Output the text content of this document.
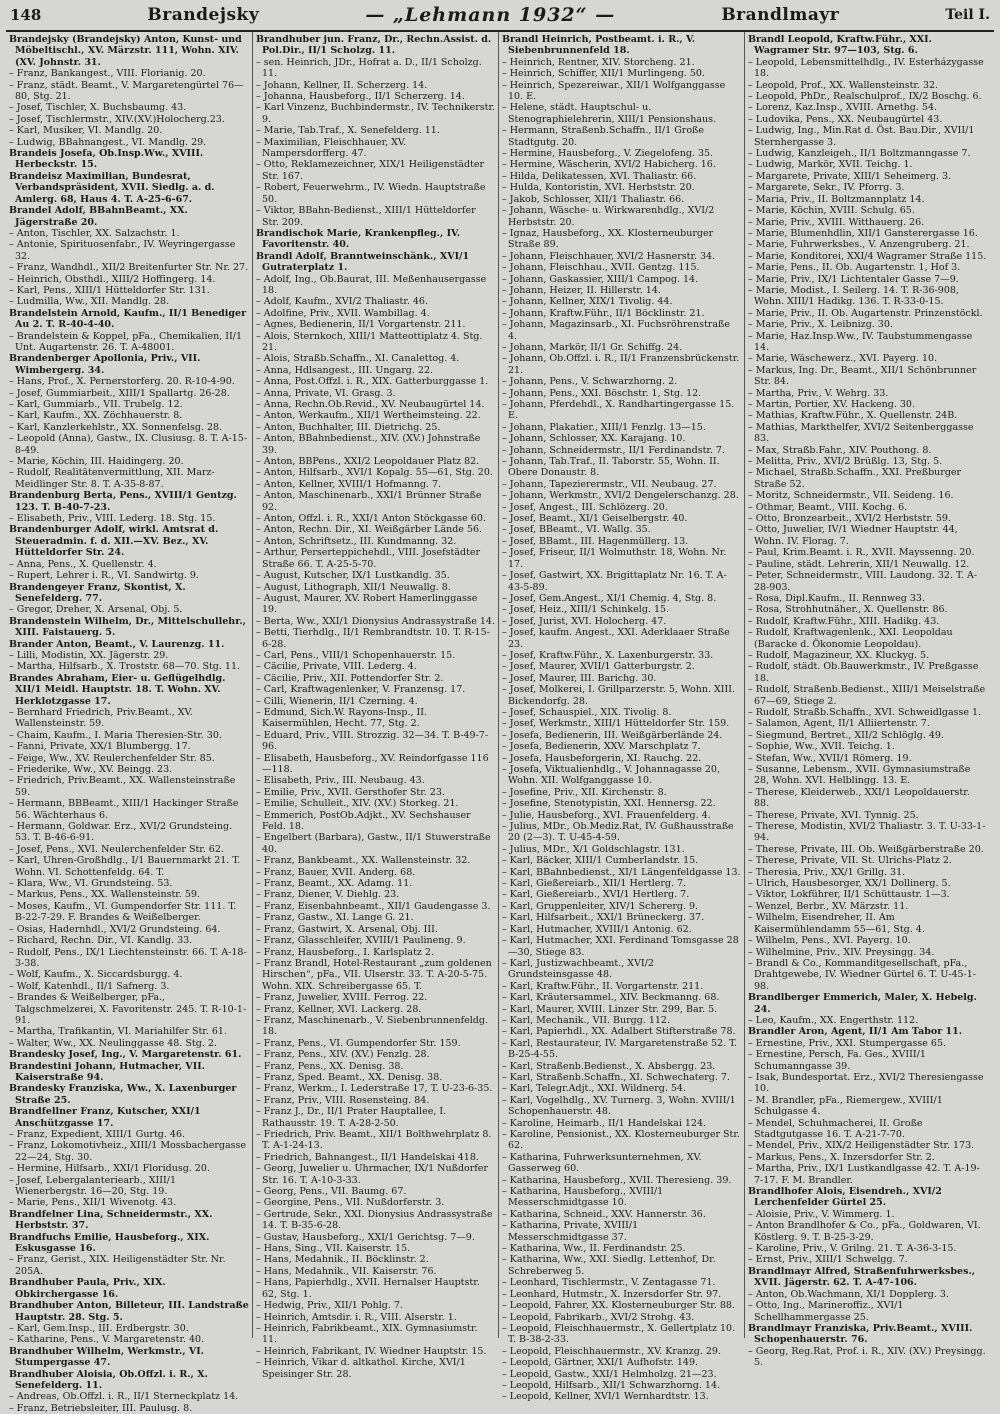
148	Brandejsky	— „Lehmann 1932“ —	Brandlmayr	Teil I.

Brandejsky (Brandejsky) Anton, Kunst- und Möbeltischl., XV. Märzstr. 111, Wohn. XIV. (XV. Johnstr. 31.

– Franz, Bankangest., VIII. Florianig. 20.

– Franz, städt. Beamt., V. Margaretengürtel 76—80, Stg. 21.

– Josef, Tischler, X. Buchsbaumg. 43.

– Josef, Tischlermstr., XIV.(XV.)Holocherg.23.

– Karl, Musiker, VI. Mandlg. 20.

– Ludwig, BBahnangest., VI. Mandlg. 29.

Brandeis Josefa, Ob.Insp.Ww., XVIII. Herbeckstr. 15.

Brandeisz Maximilian, Bundesrat, Verbandspräsident, XVII. Siedlg. a. d. Amlerg. 68, Haus 4. T. A-25-6-67.

Brandel Adolf, BBahnBeamt., XX. Jägerstraße 20.

– Anton, Tischler, XX. Salzachstr. 1.

– Antonie, Spirituosenfabr., IV. Weyringergasse 32.

– Franz, Wandhdl., XII/2 Breitenfurter Str. Nr. 27.

– Heinrich, Obsthdl., XIII/2 Hoffingerg. 14.

– Karl, Pens., XIII/1 Hütteldorfer Str. 131.

– Ludmilla, Ww., XII. Mandlg. 28.

Brandelstein Arnold, Kaufm., II/1 Benediger Au 2. T. R-40-4-40.

– Brandelstein & Koppel, pFa., Chemikalien, II/1 Unt. Augartenstr. 26. T. A-48001.

Brandenberger Apollonia, Priv., VII. Wimbergerg. 34.

– Hans, Prof., X. Pernerstorferg. 20. R-10-4-90.

– Josef, Gummiarbeit., XIII/1 Spallartg. 26-28.

– Karl, Gummiarb., VII. Trubelg. 12.

– Karl, Kaufm., XX. Zöchhauerstr. 8.

– Karl, Kanzlerkehlstr., XX. Sonnenfelsg. 28.

– Leopold (Anna), Gastw., IX. Clusiusg. 8. T. A-15-8-49.

– Marie, Köchin, III. Haidingerg. 20.

– Rudolf, Realitätenvermittlung, XII. Marz-Meidlinger Str. 8. T. A-35-8-87.

Brandenburg Berta, Pens., XVIII/1 Gentzg. 123. T. B-40-7-23.

– Elisabeth, Priv., VIII. Lederg. 18. Stg. 15.

Brandenburger Adolf, wirkl. Amtsrat d. Steueradmin. f. d. XII.—XV. Bez., XV. Hütteldorfer Str. 24.

– Anna, Pens., X. Quellenstr. 4.

– Rupert, Lehrer i. R., VI. Sandwirtg. 9.

Brandengeyer Franz, Skontist, X. Senefelderg. 77.

– Gregor, Dreher, X. Arsenal, Obj. 5.

Brandenstein Wilhelm, Dr., Mittelschullehr., XIII. Faistauerg. 5.

Brander Anton, Beamt., V. Laurenzg. 11.

– Lilli, Modistin, XX. Jägerstr. 29.

– Martha, Hilfsarb., X. Troststr. 68—70. Stg. 11.

Brandes Abraham, Eier- u. Geflügelhdlg. XII/1 Meidl. Hauptstr. 18. T. Wohn. XV. Herklotzgasse 17.

– Bernhard Friedrich, Priv.Beamt., XV. Wallensteinstr. 59.

– Chaim, Kaufm., I. Maria Theresien-Str. 30.

– Fanni, Private, XX/1 Blumbergg. 17.

– Feige, Ww., XV. Reulerchenfelder Str. 85.

– Friederike, Ww., XV. Beingg. 23.

– Friedrich, Priv.Beamt., XX. Wallensteinstraße 59.

– Hermann, BBBeamt., XIII/1 Hackinger Straße 56. Wächterhaus 6.

– Hermann, Goldwar. Erz., XVI/2 Grundsteing. 53. T. B-46-6-91.

– Josef, Pens., XVI. Neulerchenfelder Str. 62.

– Karl, Uhren-Großhdlg., I/1 Bauernmarkt 21. T. Wohn. VI. Schottenfeldg. 64. T.

– Klara, Ww., VI. Grundsteing. 53.

– Markus, Pens., XX. Wallensteinstr. 59.

– Moses, Kaufm., VI. Gumpendorfer Str. 111. T. B-22-7-29. F. Brandes & Weißelberger.

– Osias, Hadernhdl., XVI/2 Grundsteing. 64.

– Richard, Rechn. Dir., VI. Kandlg. 33.

– Rudolf, Pens., IX/1 Liechtensteinstr. 66. T. A-18-3-38.

– Wolf, Kaufm., X. Siccardsburgg. 4.

– Wolf, Katenhdl., II/1 Safnerg. 3.

– Brandes & Weißelberger, pFa., Talgschmelzerei, X. Favoritenstr. 245. T. R-10-1-91.

– Martha, Trafikantin, VI. Mariahilfer Str. 61.

– Walter, Ww., XX. Neulinggasse 48. Stg. 2.

Brandesky Josef, Ing., V. Margaretenstr. 61.

Brandestini Johann, Hutmacher, VII. Kaiserstraße 94.

Brandesky Franziska, Ww., X. Laxenburger Straße 25.

Brandfellner Franz, Kutscher, XXI/1 Anschützgasse 17.

– Franz, Expedient, XIII/1 Gurtg. 46.

– Franz, Lokomotivheiz., XIII/1 Mossbachergasse 22—24, Stg. 30.

– Hermine, Hilfsarb., XXI/1 Floridusg. 20.

– Josef, Lebergalanteriearb., XIII/1 Wienerbergstr. 16—20, Stg. 19.

– Marie, Pens., XII/1 Wivenotg. 43.

Brandfelner Lina, Schneidermstr., XX. Herbststr. 37.

Brandfuchs Emilie, Hausbeforg., XIX. Eskusgasse 16.

– Franz, Gerist., XIX. Heiligenstädter Str. Nr. 205A.

Brandhuber Paula, Priv., XIX. Obkirchergasse 16.

Brandhuber Anton, Billeteur, III. Landstraße Hauptstr. 28. Stg. 5.

– Karl, Gem.Insp., III. Erdbergstr. 30.

– Katharine, Pens., V. Margaretenstr. 40.

Brandhuber Wilhelm, Werkmstr., VI. Stumpergasse 47.

Brandhuber Aloisia, Ob.Offzl. i. R., X. Senefelderg. 11.

– Andreas, Ob.Offzl. i. R., II/1 Sterneckplatz 14.

– Franz, Betriebsleiter, III. Paulusg. 8.

Brandhuber jun. Franz, Dr., Rechn.Assist. d. Pol.Dir., II/1 Scholzg. 11.

– sen. Heinrich, JDr., Hofrat a. D., II/1 Scholzg. 11.

– Johann, Kellner, II. Scherzerg. 14.

– Johanna, Hausbeforg., II/1 Scherzerg. 14.

– Karl Vinzenz, Buchbindermstr., IV. Technikerstr. 9.

– Marie, Tab.Traf., X. Senefelderg. 11.

– Maximilian, Fleischhauer, XV. Nampersdorfferg. 47.

– Otto, Reklamezeichner, XIX/1 Heiligenstädter Str. 167.

– Robert, Feuerwehrm., IV. Wiedn. Hauptstraße 50.

– Viktor, BBahn-Bedienst., XIII/1 Hütteldorfer Str. 209.

Brandischok Marie, Krankenpfleg., IV. Favoritenstr. 40.

Brandl Adolf, Branntweinschänk., XVI/1 Gutraterplatz 1.

– Adolf, Ing., Ob.Baurat, III. Meßenhausergasse 18.

– Adolf, Kaufm., XVI/2 Thaliastr. 46.

– Adolfine, Priv., XVII. Wambillag. 4.

– Agnes, Bedienerin, II/1 Vorgartenstr. 211.

– Alois, Sternkoch, XIII/1 Matteottiplatz 4. Stg. 21.

– Alois, Straßb.Schaffn., XI. Canalettog. 4.

– Anna, Hdlsangest., III. Ungarg. 22.

– Anna, Post.Offzl. i. R., XIX. Gatterburggasse 1.

– Anna, Private, VI. Grasg. 3.

– Anna, Rechn.Ob.Revid., XV. Neubaugürtel 14.

– Anton, Werkaufm., XII/1 Wertheimsteing. 22.

– Anton, Buchhalter, III. Dietrichg. 25.

– Anton, BBahnbedienst., XIV. (XV.) Johnstraße 39.

– Anton, BBPens., XXI/2 Leopoldauer Platz 82.

– Anton, Hilfsarb., XVI/1 Kopalg. 55—61, Stg. 20.

– Anton, Kellner, XVIII/1 Hofmanng. 7.

– Anton, Maschinenarb., XXI/1 Brünner Straße 92.

– Anton, Offzl. i. R., XXI/1 Anton Stöckgasse 60.

– Anton, Rechn. Dir., XI. Weißgärber Lände 56.

– Anton, Schriftsetz., III. Kundmanng. 32.

– Arthur, Perserteppichehdl., VIII. Josefstädter Straße 66. T. A-25-5-70.

– August, Kutscher, IX/1 Lustkandlg. 35.

– August, Lithograph, XII/1 Neuwallg. 8.

– August, Maurer, XV. Robert Hamerlinggasse 19.

– Berta, Ww., XXI/1 Dionysius Andrassystraße 14.

– Betti, Tierhdlg., II/1 Rembrandtstr. 10. T. R-15-6-28.

– Carl, Pens., VIII/1 Schopenhauerstr. 15.

– Cäcilie, Private, VIII. Lederg. 4.

– Cäcilie, Priv., XII. Pottendorfer Str. 2.

– Carl, Kraftwagenlenker, V. Franzensg. 17.

– Cilli, Wienerin, II/1 Czerning. 4.

– Edmund, Sich.W. Rayons-Insp., II. Kaisermühlen, Hecht. 77, Stg. 2.

– Eduard, Priv., VIII. Strozzig. 32—34. T. B-49-7-96.

– Elisabeth, Hausbeforg., XV. Reindorfgasse 116—118.

– Elisabeth, Priv., III. Neubaug. 43.

– Emilie, Priv., XVII. Gersthofer Str. 23.

– Emilie, Schulleit., XIV. (XV.) Storkeg. 21.

– Emmerich, PostOb.Adjkt., XV. Sechshauser Feld. 18.

– Engelbert (Barbara), Gastw., II/1 Stuwerstraße 40.

– Franz, Bankbeamt., XX. Wallensteinstr. 32.

– Franz, Bauer, XVII. Anderg. 68.

– Franz, Beamt., XX. Adamg. 11.

– Franz, Diener, V. Diehlg. 23.

– Franz, Eisenbahnbeamt., XII/1 Gaudengasse 3.

– Franz, Gastw., XI. Lange G. 21.

– Franz, Gastwirt, X. Arsenal, Obj. III.

– Franz, Glasschleifer, XVIII/1 Paulineng. 9.

– Franz, Hausbeforg., I. Karlsplatz 2.

– Franz Brandl, Hotel-Restaurant „zum goldenen Hirschen“, pFa., VII. Ulserstr. 33. T. A-20-5-75. Wohn. XIX. Schreibergasse 65. T.

– Franz, Juwelier, XVIII. Ferrog. 22.

– Franz, Kellner, XVI. Lackerg. 28.

– Franz, Maschinenarb., V. Siebenbrunnenfeldg. 18.

– Franz, Pens., VI. Gumpendorfer Str. 159.

– Franz, Pens., XIV. (XV.) Fenzlg. 28.

– Franz, Pens., XX. Denisg. 38.

– Franz, Sped. Beamt., XX. Denisg. 38.

– Franz, Werkm., I. Lederstraße 17, T. U-23-6-35.

– Franz, Priv., VIII. Rosensteing. 84.

– Franz J., Dr., II/1 Prater Hauptallee, I. Rathausstr. 19. T. A-28-2-50.

– Friedrich, Priv. Beamt., XII/1 Bolthwehrplatz 8. T. A-1-24-13.

– Friedrich, Bahnangest., II/1 Handelskai 418.

– Georg, Juwelier u. Uhrmacher, IX/1 Nußdorfer Str. 16. T. A-10-3-33.

– Georg, Pens., VII. Baumg. 67.

– Georgine, Pens., VII. Nußdorferstr. 3.

– Gertrude, Sekr., XXI. Dionysius Andrassystraße 14. T. B-35-6-28.

– Gustav, Hausbeforg., XXI/1 Gerichtsg. 7—9.

– Hans, Sing., VII. Kaiserstr. 15.

– Hans, Medahnik., II. Böcklinstr. 2.

– Hans, Medahnik., VII. Kaiserstr. 76.

– Hans, Papierhdlg., XVII. Hernalser Hauptstr. 62, Stg. 1.

– Hedwig, Priv., XII/1 Pohlg. 7.

– Heinrich, Amtsdir. i. R., VIII. Alserstr. 1.

– Heinrich, Fabrikbeamt., XIX. Gymnasiumstr. 11.

– Heinrich, Fabrikant, IV. Wiedner Hauptstr. 15.

– Heinrich, Vikar d. altkathol. Kirche, XVI/1 Speisinger Str. 28.

Brandl Heinrich, Postbeamt. i. R., V. Siebenbrunnenfeld 18.

– Heinrich, Rentner, XIV. Storcheng. 21.

– Heinrich, Schiffer, XII/1 Murlingeng. 50.

– Heinrich, Spezereiwar., XII/1 Wolfganggasse 10. E.

– Helene, städt. Hauptschul- u. Stenographielehrerin, XIII/1 Pensionshaus.

– Hermann, Straßenb.Schaffn., II/1 Große Stadtgutg. 20.

– Hermine, Hausbeforg., V. Ziegelofeng. 35.

– Hermine, Wäscherin, XVI/2 Habicherg. 16.

– Hilda, Delikatessen, XVI. Thaliastr. 66.

– Hulda, Kontoristin, XVI. Herbststr. 20.

– Jakob, Schlosser, XII/1 Thaliastr. 66.

– Johann, Wäsche- u. Wirkwarenhdlg., XVI/2 Herbststr. 20.

– Ignaz, Hausbeforg., XX. Klosterneuburger Straße 89.

– Johann, Fleischhauer, XVI/2 Hasnerstr. 34.

– Johann, Fleischhau., XVII. Gentzg. 115.

– Johann, Gaskassier, XIII/1 Campog. 14.

– Johann, Heizer, II. Hillerstr. 14.

– Johann, Kellner, XIX/1 Tivolig. 44.

– Johann, Kraftw.Führ., II/1 Böcklinstr. 21.

– Johann, Magazinsarb., XI. Fuchsröhrenstraße 4.

– Johann, Markör, II/1 Gr. Schiffg. 24.

– Johann, Ob.Offzl. i. R., II/1 Franzensbrückenstr. 21.

– Johann, Pens., V. Schwarzhorng. 2.

– Johann, Pens., XXI. Böschstr. 1, Stg. 12.

– Johann, Pferdehdl., X. Randhartingergasse 15. E.

– Johann, Plakatier., XIII/1 Fenzlg. 13—15.

– Johann, Schlosser, XX. Karajang. 10.

– Johann, Schneidermstr., II/1 Ferdinandstr. 7.

– Johann, Tab.Traf., II. Taborstr. 55, Wohn. II. Obere Donaustr. 8.

– Johann, Tapezierermstr., VII. Neubaug. 27.

– Johann, Werkmstr., XVI/2 Dengelerschanzg. 28.

– Josef, Angest., III. Schlözerg. 20.

– Josef, Beamt., XI/1 Geiselbergstr. 40.

– Josef, BBeamt., VI. Wallg. 35.

– Josef, BBamt., III. Hagenmüllerg. 13.

– Josef, Friseur, II/1 Wolmuthstr. 18, Wohn. Nr. 17.

– Josef, Gastwirt, XX. Brigittaplatz Nr. 16. T. A-43-5-89.

– Josef, Gem.Angest., XI/1 Chemig. 4, Stg. 8.

– Josef, Heiz., XIII/1 Schinkelg. 15.

– Josef, Jurist, XVI. Holocherg. 47.

– Josef, kaufm. Angest., XXI. Aderklaaer Straße 23.

– Josef, Kraftw.Führ., X. Laxenburgerstr. 33.

– Josef, Maurer, XVII/1 Gatterburgstr. 2.

– Josef, Maurer, III. Barichg. 30.

– Josef, Molkerei, I. Grillparzerstr. 5, Wohn. XIII. Bickendorfg. 28.

– Josef, Schauspiel., XIX. Tivolig. 8.

– Josef, Werkmstr., XIII/1 Hütteldorfer Str. 159.

– Josefa, Bedienerin, III. Weißgärberlände 24.

– Josefa, Bedienerin, XXV. Marschplatz 7.

– Josefa, Hausbeforgerin, XI. Rauchg. 22.

– Josefa, Viktualienhdlg., V. Johannagasse 20, Wohn. XII. Wolfganggasse 10.

– Josefine, Priv., XII. Kirchenstr. 8.

– Josefine, Stenotypistin, XXI. Hennersg. 22.

– Julie, Hausbeforg., XVI. Frauenfelderg. 4.

– Julius, MDr., Ob.Mediz.Rat, IV. Gußhausstraße 20 (2—3). T. U-45-4-59.

– Julius, MDr., X/1 Goldschlagstr. 131.

– Karl, Bäcker, XIII/1 Cumberlandstr. 15.

– Karl, BBahnbedienst., XI/1 Längenfeldgasse 13.

– Karl, Gießereiarb., XII/1 Hertlerg. 7.

– Karl, Gießereiarb., XVI/1 Hertlerg. 7.

– Karl, Gruppenleiter, XIV/1 Schererg. 9.

– Karl, Hilfsarbeit., XXI/1 Brüneckerg. 37.

– Karl, Hutmacher, XVIII/1 Antonig. 62.

– Karl, Hutmacher, XXI. Ferdinand Tomsgasse 28—30, Stiege 83.

– Karl, Justizwachbeamt., XVI/2 Grundsteinsgasse 48.

– Karl, Kraftw.Führ., II. Vorgartenstr. 211.

– Karl, Kräutersammel., XIV. Beckmanng. 68.

– Karl, Maurer, XVIII. Linzer Str. 299, Bar. 5.

– Karl, Mechanik., VII. Burgg. 112.

– Karl, Papierhdl., XX. Adalbert Stifterstraße 78.

– Karl, Restaurateur, IV. Margaretenstraße 52. T. B-25-4-55.

– Karl, Straßenb.Bedienst., X. Absbergg. 23.

– Karl, Straßenb.Schaffn., XI. Schwechaterg. 7.

– Karl, Telegr.Adjt., XXI. Wildnerg. 54.

– Karl, Vogelhdlg., XV. Turnerg. 3, Wohn. XVIII/1 Schopenhauerstr. 48.

– Karoline, Heimarb., II/1 Handelskai 124.

– Karoline, Pensionist., XX. Klosterneuburger Str. 62.

– Katharina, Fuhrwerksunternehmen, XV. Gasserweg 60.

– Katharina, Hausbeforg., XVII. Theresieng. 39.

– Katharina, Hausbeforg., XVIII/1 Messerschmidtgasse 10.

– Katharina, Schneid., XXV. Hannerstr. 36.

– Katharina, Private, XVIII/1 Messerschmidtgasse 37.

– Katharina, Ww., II. Ferdinandstr. 25.

– Katharina, Ww., XXI. Siedlg. Lettenhof, Dr. Schreberweg 5.

– Leonhard, Tischlermstr., V. Zentagasse 71.

– Leonhard, Hutmstr., X. Inzersdorfer Str. 97.

– Leopold, Fahrer, XX. Klosterneuburger Str. 88.

– Leopold, Fabrikarb., XVI/2 Strohg. 43.

– Leopold, Fleischhauermstr., X. Gellertplatz 10. T. B-38-2-33.

– Leopold, Fleischhauermstr., XV. Kranzg. 29.

– Leopold, Gärtner, XXI/1 Aufhofstr. 149.

– Leopold, Gastw., XXI/1 Helmholzg. 21—23.

– Leopold, Hilfsarb., XII/1 Schwarzhorng. 14.

– Leopold, Kellner, XVI/1 Wernhardtstr. 13.

Brandl Leopold, Kraftw.Führ., XXI. Wagramer Str. 97—103, Stg. 6.

– Leopold, Lebensmittelhdlg., IV. Esterházygasse 18.

– Leopold, Prof., XX. Wallensteinstr. 32.

– Leopold, PhDr., Realschulprof., IX/2 Boschg. 6.

– Lorenz, Kaz.Insp., XVIII. Arnethg. 54.

– Ludovika, Pens., XX. Neubaugürtel 43.

– Ludwig, Ing., Min.Rat d. Öst. Bau.Dir., XVII/1 Sternhergasse 3.

– Ludwig, Kanzleigeh., II/1 Boltzmanngasse 7.

– Ludwig, Markör, XVII. Teichg. 1.

– Margarete, Private, XIII/1 Seheimerg. 3.

– Margarete, Sekr., IV. Pforrg. 3.

– Maria, Priv., II. Boltzmannplatz 14.

– Marie, Köchin, XVIII. Schulg. 65.

– Marie, Priv., XVIII. Witthauerg. 26.

– Marie, Blumenhdlin, XII/1 Gansterergasse 16.

– Marie, Fuhrwerksbes., V. Anzengruberg. 21.

– Marie, Konditorei, XXI/4 Wagramer Straße 115.

– Marie, Pens., II. Ob. Augartenstr. 1, Hof 3.

– Marie, Priv., IX/1 Lichtentaler Gasse 7—9.

– Marie, Modist., I. Seilerg. 14. T. R-36-908, Wohn. XIII/1 Hadikg. 136. T. R-33-0-15.

– Marie, Priv., II. Ob. Augartenstr. Prinzenstöckl.

– Marie, Priv., X. Leibnizg. 30.

– Marie, Haz.Insp.Ww., IV. Taubstummengasse 14.

– Marie, Wäschewerz., XVI. Payerg. 10.

– Markus, Ing. Dr., Beamt., XII/1 Schönbrunner Str. 84.

– Martha, Priv., V. Wehrg. 33.

– Martin, Portier, XV. Hackeng. 30.

– Mathias, Kraftw.Führ., X. Quellenstr. 24B.

– Mathias, Markthelfer, XVI/2 Seitenberggasse 83.

– Max, Straßb.Fahr., XIV. Pouthong. 8.

– Melitta, Priv., XVI/2 Brüßlg. 13, Stg. 5.

– Michael, Straßb.Schaffn., XXI. Preßburger Straße 52.

– Moritz, Schneidermstr., VII. Seideng. 16.

– Othmar, Beamt., VIII. Kochg. 6.

– Otto, Bronzearbeit., XVI/2 Herbststr. 59.

– Otto, Juwelier, IV/1 Wiedner Hauptstr. 44, Wohn. IV. Florag. 7.

– Paul, Krim.Beamt. i. R., XVII. Mayssenng. 20.

– Pauline, städt. Lehrerin, XII/1 Neuwallg. 12.

– Peter, Schneidermstr., VIII. Laudong. 32. T. A-28-903.

– Rosa, Dipl.Kaufm., II. Rennweg 33.

– Rosa, Strohhutnäher., X. Quellenstr. 86.

– Rudolf, Kraftw.Führ., XIII. Hadikg. 43.

– Rudolf, Kraftwagenlenk., XXI. Leopoldau (Baracke d. Ökonomie Leopoldau).

– Rudolf, Magazineur, XX. Kluckyg. 5.

– Rudolf, städt. Ob.Bauwerkmstr., IV. Preßgasse 18.

– Rudolf, Straßenb.Bedienst., XIII/1 Meiselstraße 67—69, Stiege 2.

– Rudolf, Straßb.Schaffn., XVI. Schweidlgasse 1.

– Salamon, Agent, II/1 Alliiertenstr. 7.

– Siegmund, Bertret., XII/2 Schlöglg. 49.

– Sophie, Ww., XVII. Teichg. 1.

– Stefan, Ww., XVII/1 Römerg. 19.

– Susanne, Lebensm., XVII. Gymnasiumstraße 28, Wohn. XVI. Helblingg. 13. E.

– Therese, Kleiderweb., XXI/1 Leopoldauerstr. 88.

– Therese, Private, XVI. Tynnig. 25.

– Therese, Modistin, XVI/2 Thaliastr. 3. T. U-33-1-94.

– Therese, Private, III. Ob. Weißgärberstraße 20.

– Therese, Private, VII. St. Ulrichs-Platz 2.

– Theresia, Priv., XX/1 Grillg. 31.

– Ulrich, Hausbesorger, XX/1 Dollinerg. 5.

– Viktor, Lokführer, II/1 Schüttaustr. 1—3.

– Wenzel, Berbr., XV. Märzstr. 11.

– Wilhelm, Eisendreher, II. Am Kaisermühlendamm 55—61, Stg. 4.

– Wilhelm, Pens., XVI. Payerg. 10.

– Wilhelmine, Priv., XIV. Preysingg. 34.

– Brandl & Co., Kommanditgesellschaft, pFa., Drahtgewebe, IV. Wiedner Gürtel 6. T. U-45-1-98.

Brandlberger Emmerich, Maler, X. Hebelg. 24.

– Leo, Kaufm., XX. Engerthstr. 112.

Brandler Aron, Agent, II/1 Am Tabor 11.

– Ernestine, Priv., XXI. Stumpergasse 65.

– Ernestine, Persch, Fa. Ges., XVIII/1 Schumanngasse 39.

– Isak, Bundesportat. Erz., XVI/2 Theresiengasse 10.

– M. Brandler, pFa., Riemergew., XVIII/1 Schulgasse 4.

– Mendel, Schuhmacherei, II. Große Stadtgutgasse 16. T. A-21-7-70.

– Mendel, Priv., XIX/2 Heiligenstädter Str. 173.

– Markus, Pens., X. Inzersdorfer Str. 2.

– Martha, Priv., IX/1 Lustkandlgasse 42. T. A-19-7-17. F. M. Brandler.

Brandlhofer Alois, Eisendreh., XVI/2 Lerchenfelder Gürtel 25.

– Aloisie, Priv., V. Wimmerg. 1.

– Anton Brandlhofer & Co., pFa., Goldwaren, VI. Köstlerg. 9. T. B-25-3-29.

– Karoline, Priv., V. Grilng. 21. T. A-36-3-15.

– Ernst, Priv., XIII/1 Schwelgg. 7.

Brandlmayr Alfred, Straßenfuhrwerksbes., XVII. Jägerstr. 62. T. A-47-106.

– Anton, Ob.Wachmann, XI/1 Dopplerg. 3.

– Otto, Ing., Marineroffiz., XVI/1 Schellhammergasse 25.

Brandlmayr Franziska, Priv.Beamt., XVIII. Schopenhauerstr. 76.

– Georg, Reg.Rat, Prof. i. R., XIV. (XV.) Preysingg. 5.
